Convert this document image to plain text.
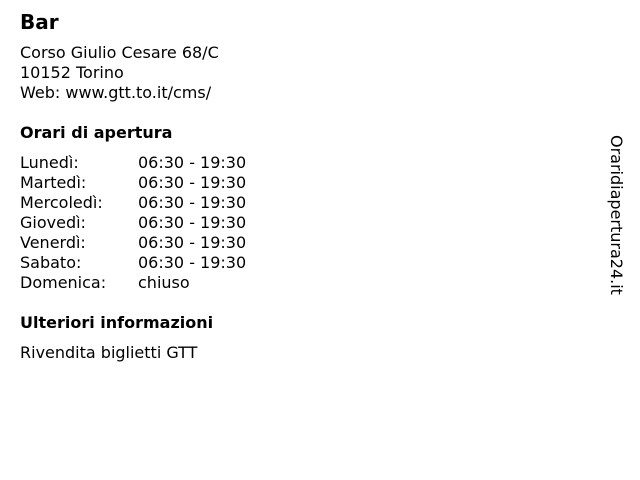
Bar
Corso Giulio Cesare 68/C
10152 Torino
Web: www.gtt.to.it/cms/
Orari di apertura
Lunedì:	06:30 - 19:30
Martedì:	06:30 - 19:30
Mercoledì:	06:30 - 19:30
Giovedì:	06:30 - 19:30
Venerdì:	06:30 - 19:30
Sabato:	06:30 - 19:30
Domenica:	chiuso
Ulteriori informazioni
Rivendita biglietti GTT
Oraridiapertura24.it
